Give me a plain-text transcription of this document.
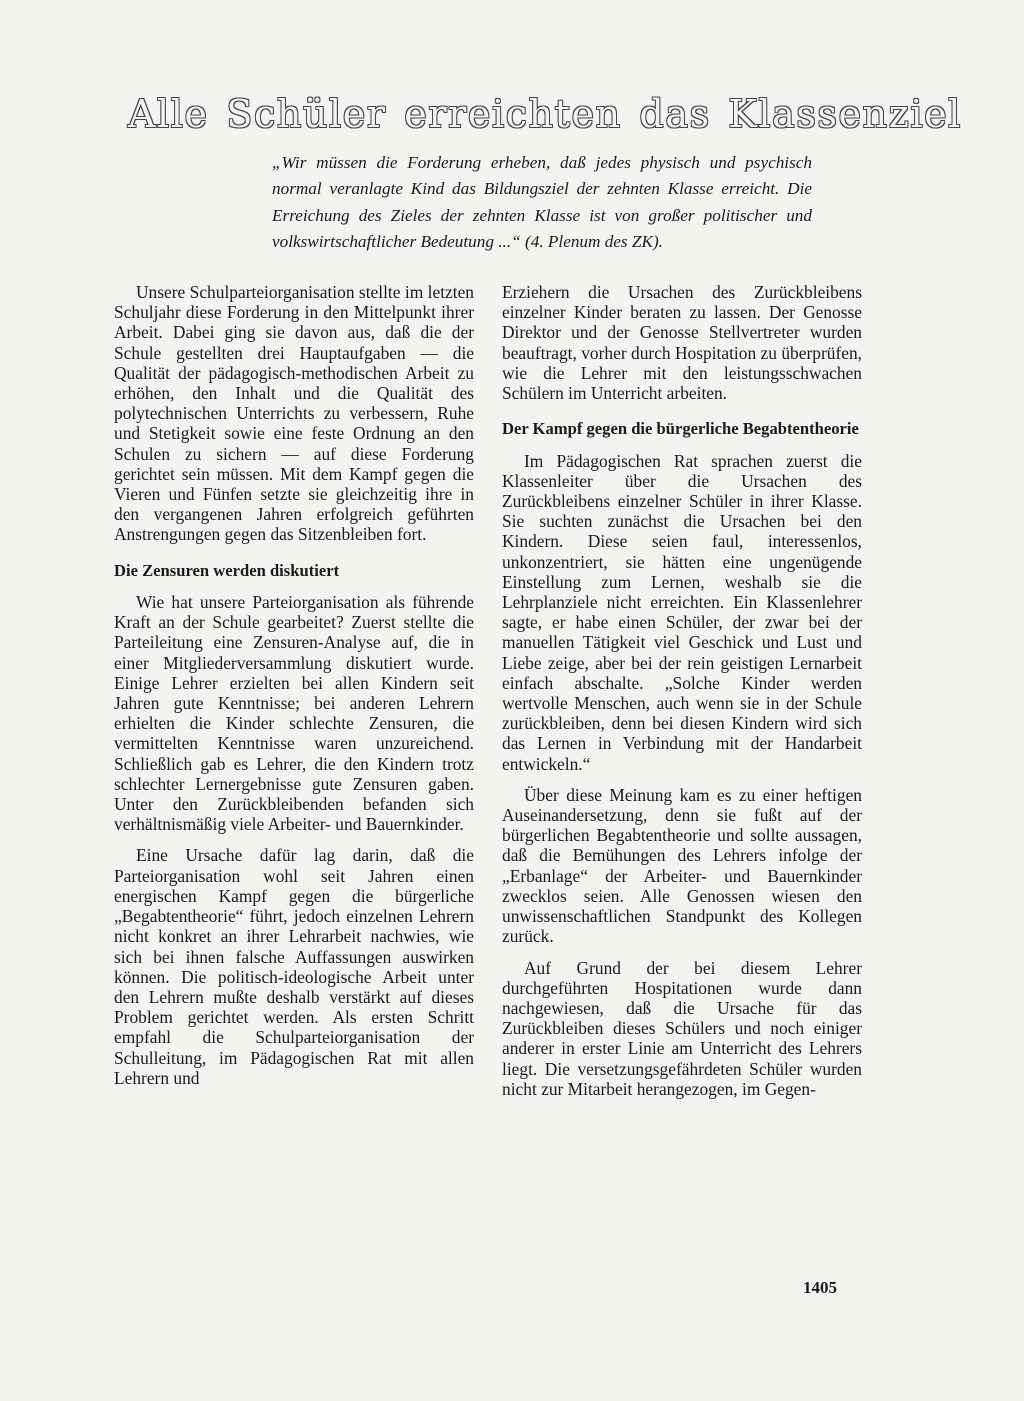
Alle Schüler erreichten das Klassenziel

„Wir müssen die Forderung erheben, daß jedes physisch und psychisch normal veranlagte Kind das Bildungsziel der zehnten Klasse erreicht. Die Erreichung des Zieles der zehnten Klasse ist von großer politischer und volkswirtschaftlicher Bedeutung ...“ (4. Plenum des ZK).

Unsere Schulparteiorganisation stellte im letzten Schuljahr diese Forderung in den Mittelpunkt ihrer Arbeit. Dabei ging sie davon aus, daß die der Schule gestellten drei Hauptaufgaben — die Qualität der pädagogisch-methodischen Arbeit zu erhöhen, den Inhalt und die Qualität des polytechnischen Unterrichts zu verbessern, Ruhe und Stetigkeit sowie eine feste Ordnung an den Schulen zu sichern — auf diese Forderung gerichtet sein müssen. Mit dem Kampf gegen die Vieren und Fünfen setzte sie gleichzeitig ihre in den vergangenen Jahren erfolgreich geführten Anstrengungen gegen das Sitzenbleiben fort.

Die Zensuren werden diskutiert

Wie hat unsere Parteiorganisation als führende Kraft an der Schule gearbeitet? Zuerst stellte die Parteileitung eine Zensuren-Analyse auf, die in einer Mitgliederversammlung diskutiert wurde. Einige Lehrer erzielten bei allen Kindern seit Jahren gute Kenntnisse; bei anderen Lehrern erhielten die Kinder schlechte Zensuren, die vermittelten Kenntnisse waren unzureichend. Schließlich gab es Lehrer, die den Kindern trotz schlechter Lernergebnisse gute Zensuren gaben. Unter den Zurückbleibenden befanden sich verhältnismäßig viele Arbeiter- und Bauernkinder.

Eine Ursache dafür lag darin, daß die Parteiorganisation wohl seit Jahren einen energischen Kampf gegen die bürgerliche „Begabtentheorie“ führt, jedoch einzelnen Lehrern nicht konkret an ihrer Lehrarbeit nachwies, wie sich bei ihnen falsche Auffassungen auswirken können. Die politisch-ideologische Arbeit unter den Lehrern mußte deshalb verstärkt auf dieses Problem gerichtet werden. Als ersten Schritt empfahl die Schulparteiorganisation der Schulleitung, im Pädagogischen Rat mit allen Lehrern und

Erziehern die Ursachen des Zurückbleibens einzelner Kinder beraten zu lassen. Der Genosse Direktor und der Genosse Stellvertreter wurden beauftragt, vorher durch Hospitation zu überprüfen, wie die Lehrer mit den leistungsschwachen Schülern im Unterricht arbeiten.

Der Kampf gegen die bürgerliche Begabtentheorie

Im Pädagogischen Rat sprachen zuerst die Klassenleiter über die Ursachen des Zurückbleibens einzelner Schüler in ihrer Klasse. Sie suchten zunächst die Ursachen bei den Kindern. Diese seien faul, interessenlos, unkonzentriert, sie hätten eine ungenügende Einstellung zum Lernen, weshalb sie die Lehrplanziele nicht erreichten. Ein Klassenlehrer sagte, er habe einen Schüler, der zwar bei der manuellen Tätigkeit viel Geschick und Lust und Liebe zeige, aber bei der rein geistigen Lernarbeit einfach abschalte. „Solche Kinder werden wertvolle Menschen, auch wenn sie in der Schule zurückbleiben, denn bei diesen Kindern wird sich das Lernen in Verbindung mit der Handarbeit entwickeln.“

Über diese Meinung kam es zu einer heftigen Auseinandersetzung, denn sie fußt auf der bürgerlichen Begabtentheorie und sollte aussagen, daß die Bemühungen des Lehrers infolge der „Erbanlage“ der Arbeiter- und Bauernkinder zwecklos seien. Alle Genossen wiesen den unwissenschaftlichen Standpunkt des Kollegen zurück.

Auf Grund der bei diesem Lehrer durchgeführten Hospitationen wurde dann nachgewiesen, daß die Ursache für das Zurückbleiben dieses Schülers und noch einiger anderer in erster Linie am Unterricht des Lehrers liegt. Die versetzungsgefährdeten Schüler wurden nicht zur Mitarbeit herangezogen, im Gegen-

1405
